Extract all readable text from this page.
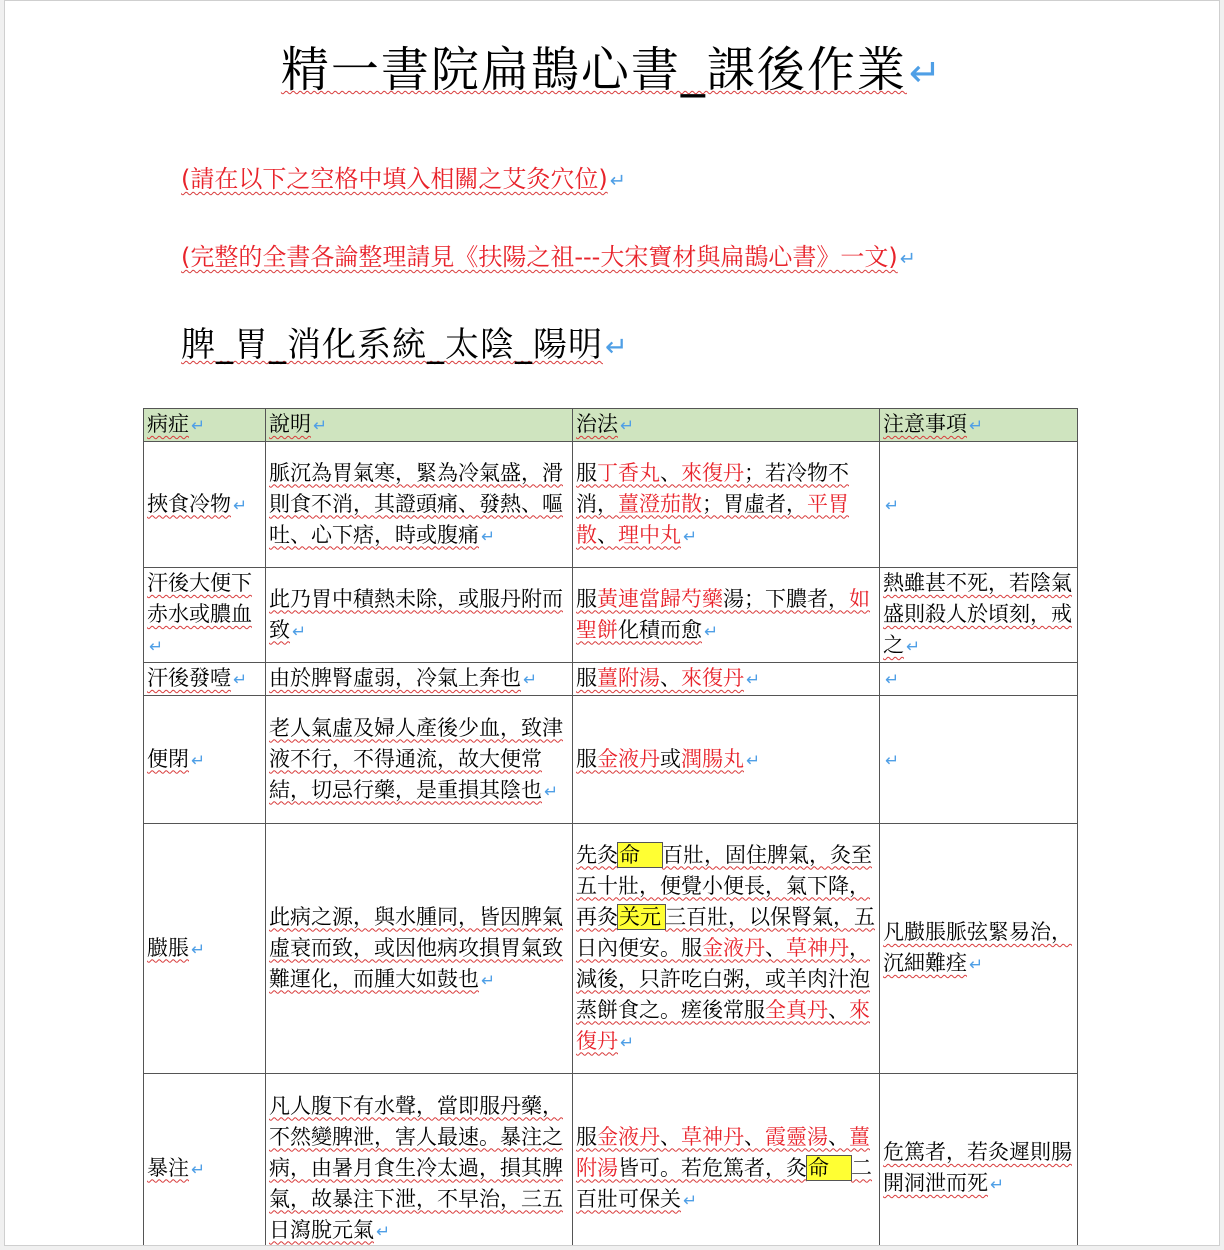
精一書院扁鵲心書_課後作業↵
(請在以下之空格中填入相關之艾灸穴位) ↵
(完整的全書各論整理請見《扶陽之祖---大宋寶材與扁鵲心書》一文) ↵
脾_胃_消化系統_太陰_陽明↵
病症 ↵	說明 ↵	治法 ↵	注意事項 ↵
挾食冷物 ↵	脈沉為胃氣寒，緊為冷氣盛，滑則食不消，其證頭痛、發熱、嘔吐、心下痞，時或腹痛 ↵	服丁香丸、來復丹；若冷物不消，薑澄茄散；胃虛者，平胃散、理中丸 ↵	↵
汗後大便下赤水或膿血↵	此乃胃中積熱未除，或服丹附而致 ↵	服黃連當歸芍藥湯；下膿者，如聖餅化積而愈 ↵	熱雖甚不死，若陰氣盛則殺人於頃刻，戒之 ↵
汗後發噎 ↵	由於脾腎虛弱，冷氣上奔也 ↵	服薑附湯、來復丹 ↵	↵
便閉 ↵	老人氣虛及婦人產後少血，致津液不行，不得通流，故大便常結，切忌行藥，是重損其陰也 ↵	服金液丹或潤腸丸 ↵	↵
臌脹 ↵	此病之源，與水腫同，皆因脾氣虛衰而致，或因他病攻損胃氣致難運化，而腫大如鼓也 ↵	先灸命 百壯，固住脾氣，灸至五十壯，便覺小便長，氣下降，再灸关元 三百壯，以保腎氣，五日內便安。服金液丹、草神丹，減後，只許吃白粥，或羊肉汁泡蒸餅食之。瘥後常服全真丹、來復丹 ↵	凡臌脹脈弦緊易治，沉細難痊 ↵
暴注 ↵	凡人腹下有水聲，當即服丹藥，不然變脾泄，害人最速。暴注之病，由暑月食生冷太過，損其脾氣，故暴注下泄，不早治，三五日瀉脫元氣 ↵	服金液丹、草神丹、霞靈湯、薑附湯皆可。若危篤者，灸命 二百壯可保关 ↵	危篤者，若灸遲則腸開洞泄而死 ↵
